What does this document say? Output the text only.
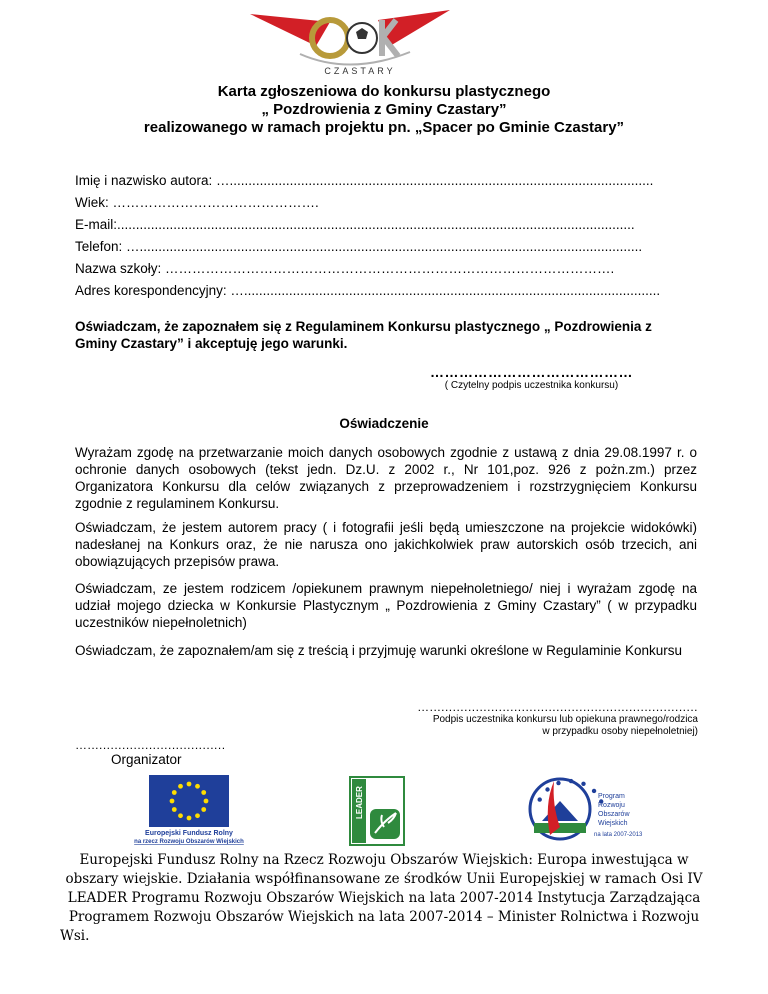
CZASTARY
Karta zgłoszeniowa do konkursu plastycznego
„ Pozdrowienia z Gminy Czastary”
realizowanego w ramach projektu pn. „Spacer po Gminie Czastary”
Imię i nazwisko autora: ….................................................................................................................
Wiek: ……………………………………….
E-mail:..........................................................................................................................................
Telefon: …......................................................................................................................................
Nazwa szkoły: ……………………………………………………………………………………….
Adres korespondencyjny: …...............................................................................................................
Oświadczam, że zapoznałem się z Regulaminem Konkursu plastycznego „ Pozdrowienia z Gminy Czastary” i akceptuję jego warunki.
……………………………………
( Czytelny podpis uczestnika konkursu)
Oświadczenie
Wyrażam zgodę na przetwarzanie moich danych osobowych zgodnie z ustawą z dnia 29.08.1997 r. o ochronie danych osobowych (tekst jedn. Dz.U. z 2002 r., Nr 101,poz. 926 z pożn.zm.) przez Organizatora Konkursu dla celów związanych z przeprowadzeniem i rozstrzygnięciem Konkursu zgodnie z regulaminem Konkursu.
Oświadczam, że jestem autorem pracy ( i fotografii jeśli będą umieszczone na projekcie widokówki) nadesłanej na Konkurs oraz, że nie narusza ono jakichkolwiek praw autorskich osób trzecich, ani obowiązujących przepisów prawa.
Oświadczam, ze jestem rodzicem /opiekunem prawnym niepełnoletniego/ niej i wyrażam zgodę na udział mojego dziecka w Konkursie Plastycznym „ Pozdrowienia z Gminy Czastary” ( w przypadku uczestników niepełnoletnich)
Oświadczam, że zapoznałem/am się z treścią i przyjmuję warunki określone w Regulaminie Konkursu
…......................................................................
Podpis uczestnika konkursu lub opiekuna prawnego/rodzica
w przypadku osoby niepełnoletniej)
…....................................
Organizator
Europejski Fundusz Rolny
na rzecz Rozwoju Obszarów Wiejskich
LEADER	Program
Rozwoju
Obszarów
Wiejskich
na lata 2007-2013
Europejski Fundusz Rolny na Rzecz Rozwoju Obszarów Wiejskich: Europa inwestująca w
obszary wiejskie. Działania współfinansowane ze środków Unii Europejskiej w ramach Osi IV
LEADER Programu Rozwoju Obszarów Wiejskich na lata 2007-2014 Instytucja Zarządzająca
Programem Rozwoju Obszarów Wiejskich na lata 2007-2014 – Minister Rolnictwa i Rozwoju
Wsi.
